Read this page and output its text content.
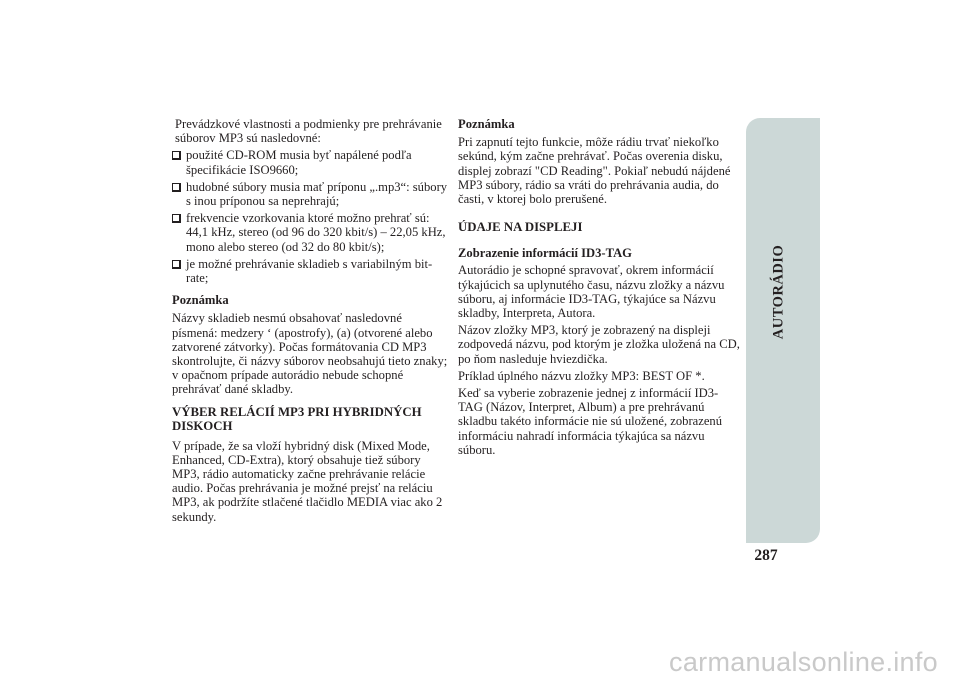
Prevádzkové vlastnosti a podmienky pre prehrávanie súborov MP3 sú nasledovné:

použité CD-ROM musia byť napálené podľa špecifikácie ISO9660;
hudobné súbory musia mať príponu „.mp3“: súbory s inou príponou sa neprehrajú;
frekvencie vzorkovania ktoré možno prehrať sú: 44,1 kHz, stereo (od 96 do 320 kbit/s) – 22,05 kHz, mono alebo stereo (od 32 do 80 kbit/s);
je možné prehrávanie skladieb s variabilným bit-rate;

Poznámka

Názvy skladieb nesmú obsahovať nasledovné písmená: medzery ‘ (apostrofy), (a) (otvorené alebo zatvorené zátvorky). Počas formátovania CD MP3 skontrolujte, či názvy súborov neobsahujú tieto znaky; v opačnom prípade autorádio nebude schopné prehrávať dané skladby.

VÝBER RELÁCIÍ MP3 PRI HYBRIDNÝCH DISKOCH

V prípade, že sa vloží hybridný disk (Mixed Mode, Enhanced, CD-Extra), ktorý obsahuje tiež súbory MP3, rádio automaticky začne prehrávanie relácie audio. Počas prehrávania je možné prejsť na reláciu MP3, ak podržíte stlačené tlačidlo MEDIA viac ako 2 sekundy.

Poznámka

Pri zapnutí tejto funkcie, môže rádiu trvať niekoľko sekúnd, kým začne prehrávať. Počas overenia disku, displej zobrazí "CD Reading". Pokiaľ nebudú nájdené MP3 súbory, rádio sa vráti do prehrávania audia, do časti, v ktorej bolo prerušené.

ÚDAJE NA DISPLEJI

Zobrazenie informácií ID3-TAG

Autorádio je schopné spravovať, okrem informácií týkajúcich sa uplynutého času, názvu zložky a názvu súboru, aj informácie ID3-TAG, týkajúce sa Názvu skladby, Interpreta, Autora.

Názov zložky MP3, ktorý je zobrazený na displeji zodpovedá názvu, pod ktorým je zložka uložená na CD, po ňom nasleduje hviezdička.

Príklad úplného názvu zložky MP3: BEST OF *.

Keď sa vyberie zobrazenie jednej z informácií ID3-TAG (Názov, Interpret, Album) a pre prehrávanú skladbu takéto informácie nie sú uložené, zobrazenú informáciu nahradí informácia týkajúca sa názvu súboru.

AUTORÁDIO
287
carmanualsonline.info
